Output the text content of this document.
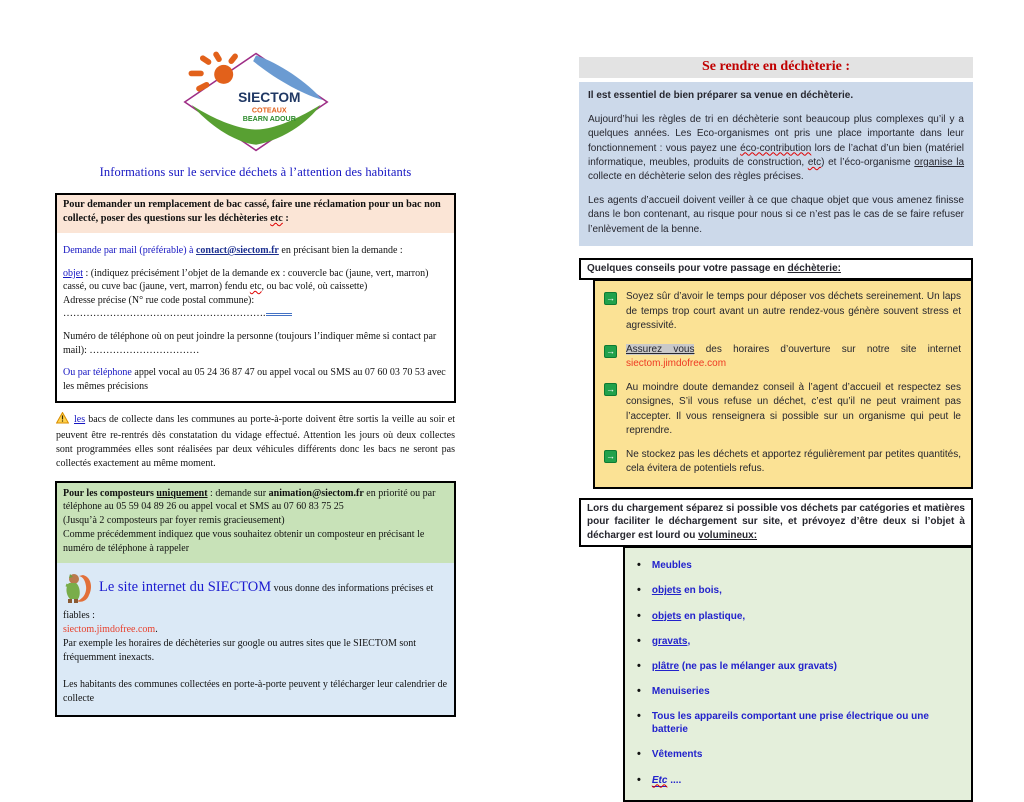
SIECTOM
COTEAUX
BEARN ADOUR
Informations sur le service déchets à l’attention des habitants
Pour demander un remplacement de bac cassé, faire une réclamation pour un bac non collecté, poser des questions sur les déchèteries etc :

Demande par mail (préférable) à contact@siectom.fr en précisant bien la demande :

objet : (indiquez précisément l’objet de la demande ex : couvercle bac (jaune, vert, marron) cassé, ou cuve bac (jaune, vert, marron) fendu etc, ou bac volé, où caissette)
Adresse précise (N° rue code postal commune): …………………………………………………….

Numéro de téléphone où on peut joindre la personne (toujours l’indiquer même si contact par mail): ……………………………

Ou par téléphone appel vocal au 05 24 36 87 47 ou appel vocal ou SMS au 07 60 03 70 53 avec les mêmes précisions

les bacs de collecte dans les communes au porte-à-porte doivent être sortis la veille au soir et peuvent être re-rentrés dès constatation du vidage effectué. Attention les jours où deux collectes sont programmées elles sont réalisées par deux véhicules différents donc les bacs ne seront pas collectés exactement au même moment.
Pour les composteurs uniquement : demande sur animation@siectom.fr en priorité ou par téléphone au 05 59 04 89 26 ou appel vocal et SMS au 07 60 83 75 25
(Jusqu’à 2 composteurs par foyer remis gracieusement)
Comme précédemment indiquez que vous souhaitez obtenir un composteur en précisant le numéro de téléphone à rappeler
Le site internet du SIECTOM vous donne des informations précises et fiables :
siectom.jimdofree.com.
Par exemple les horaires de déchèteries sur google ou autres sites que le SIECTOM sont fréquemment inexacts.

Les habitants des communes collectées en porte-à-porte peuvent y télécharger leur calendrier de collecte
Se rendre en déchèterie :

Il est essentiel de bien préparer sa venue en déchèterie.

Aujourd’hui les règles de tri en déchèterie sont beaucoup plus complexes qu’il y a quelques années. Les Eco-organismes ont pris une place importante dans leur fonctionnement : vous payez une éco-contribution lors de l’achat d’un bien (matériel informatique, meubles, produits de construction, etc) et l’éco-organisme organise la collecte en déchèterie selon des règles précises.

Les agents d’accueil doivent veiller à ce que chaque objet que vous amenez finisse dans le bon contenant, au risque pour nous si ce n’est pas le cas de se faire refuser l’enlèvement de la benne.

Quelques conseils pour votre passage en déchèterie:
→ Soyez sûr d’avoir le temps pour déposer vos déchets sereinement. Un laps de temps trop court avant un autre rendez-vous génère souvent stress et agressivité.
→ Assurez vous des horaires d’ouverture sur notre site internet siectom.jimdofree.com
→ Au moindre doute demandez conseil à l’agent d’accueil et respectez ses consignes, S’il vous refuse un déchet, c’est qu’il ne peut vraiment pas l’accepter. Il vous renseignera si possible sur un organisme qui peut le reprendre.
→ Ne stockez pas les déchets et apportez régulièrement par petites quantités, cela évitera de potentiels refus.
Lors du chargement séparez si possible vos déchets par catégories et matières pour faciliter le déchargement sur site, et prévoyez d’être deux si l’objet à décharger est lourd ou volumineux:
• Meubles
• objets en bois,
• objets en plastique,
• gravats,
• plâtre (ne pas le mélanger aux gravats)
• Menuiseries
• Tous les appareils comportant une prise électrique ou une batterie
• Vêtements
• Etc ....
